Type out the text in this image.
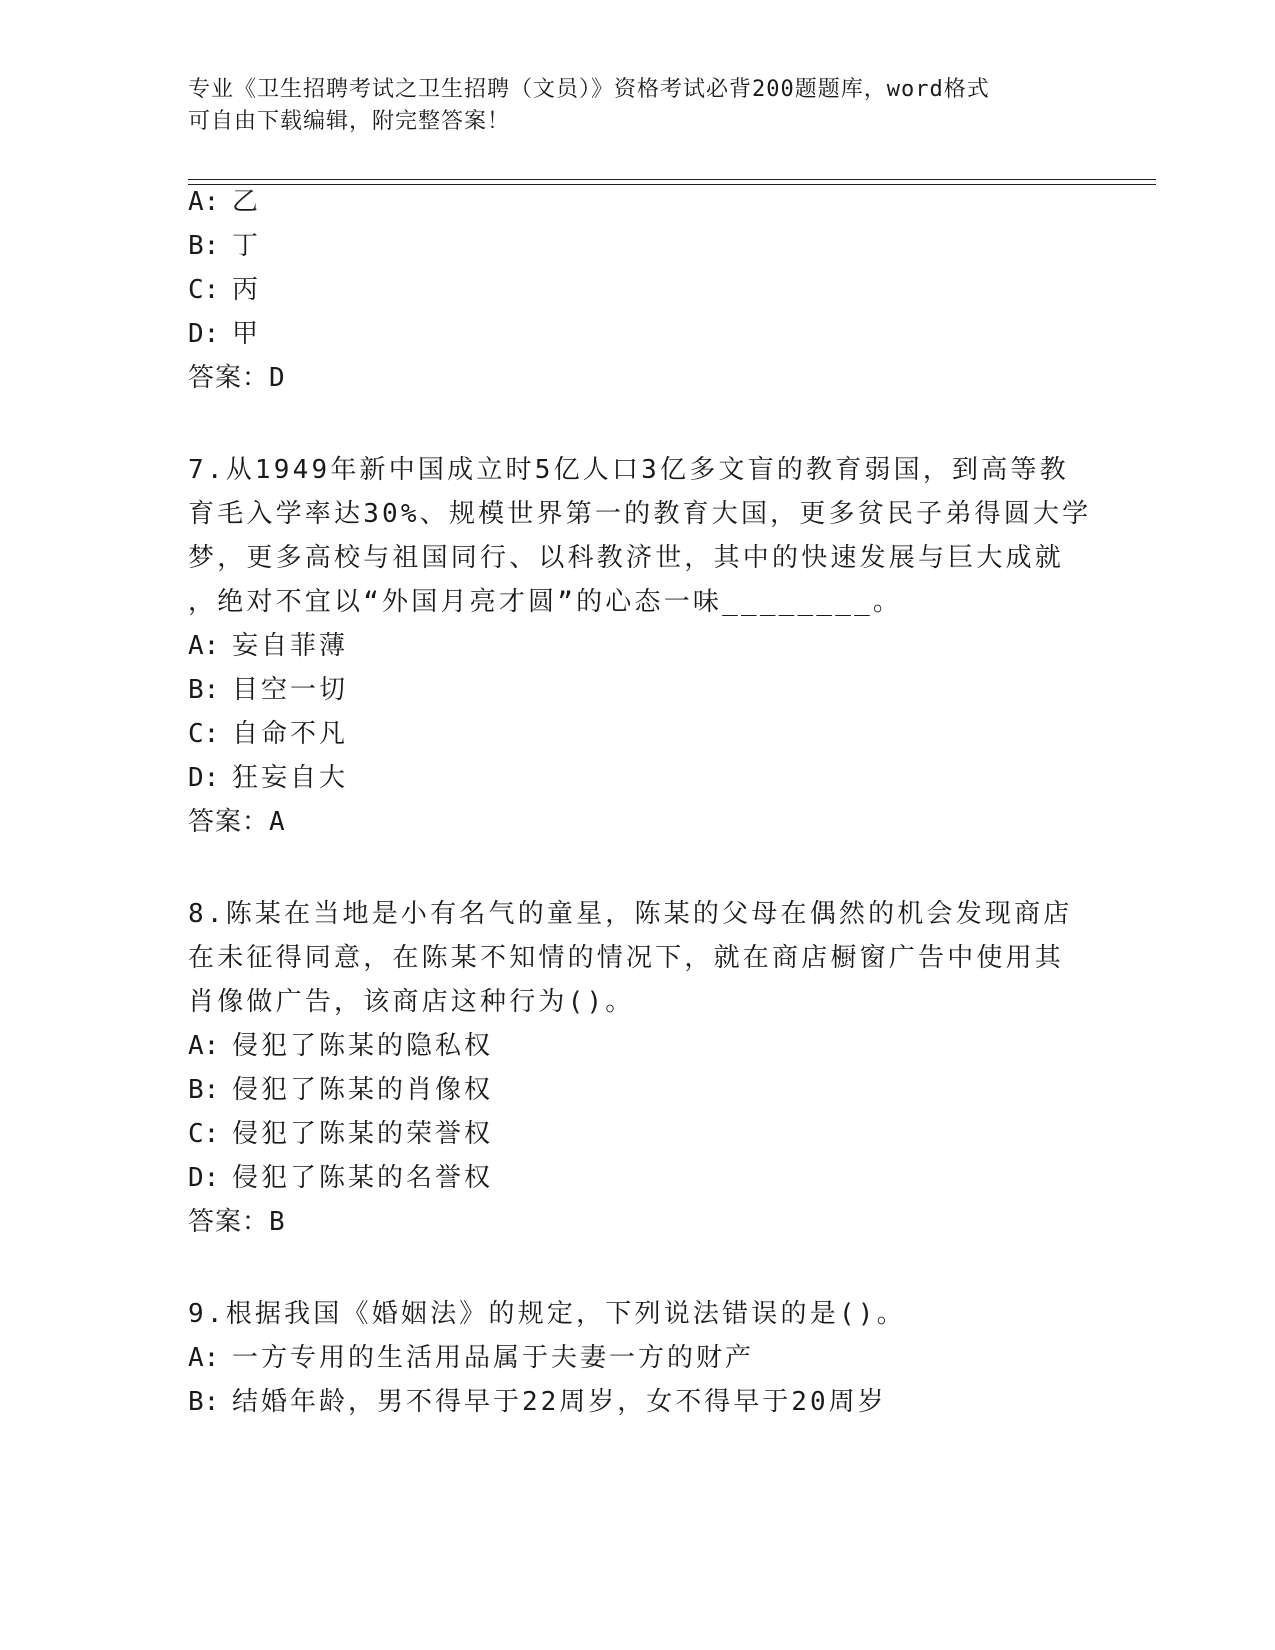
专业《卫生招聘考试之卫生招聘（文员）》资格考试必背200题题库，word格式
可自由下载编辑，附完整答案！
A: 乙
B: 丁
C: 丙
D: 甲
答案：D
7.从1949年新中国成立时5亿人口3亿多文盲的教育弱国，到高等教
育毛入学率达30%、规模世界第一的教育大国，更多贫民子弟得圆大学
梦，更多高校与祖国同行、以科教济世，其中的快速发展与巨大成就
，绝对不宜以“外国月亮才圆”的心态一味________。
A: 妄自菲薄
B: 目空一切
C: 自命不凡
D: 狂妄自大
答案：A
8.陈某在当地是小有名气的童星，陈某的父母在偶然的机会发现商店
在未征得同意，在陈某不知情的情况下，就在商店橱窗广告中使用其
肖像做广告，该商店这种行为()。
A: 侵犯了陈某的隐私权
B: 侵犯了陈某的肖像权
C: 侵犯了陈某的荣誉权
D: 侵犯了陈某的名誉权
答案：B
9.根据我国《婚姻法》的规定，下列说法错误的是()。
A: 一方专用的生活用品属于夫妻一方的财产
B: 结婚年龄，男不得早于22周岁，女不得早于20周岁
